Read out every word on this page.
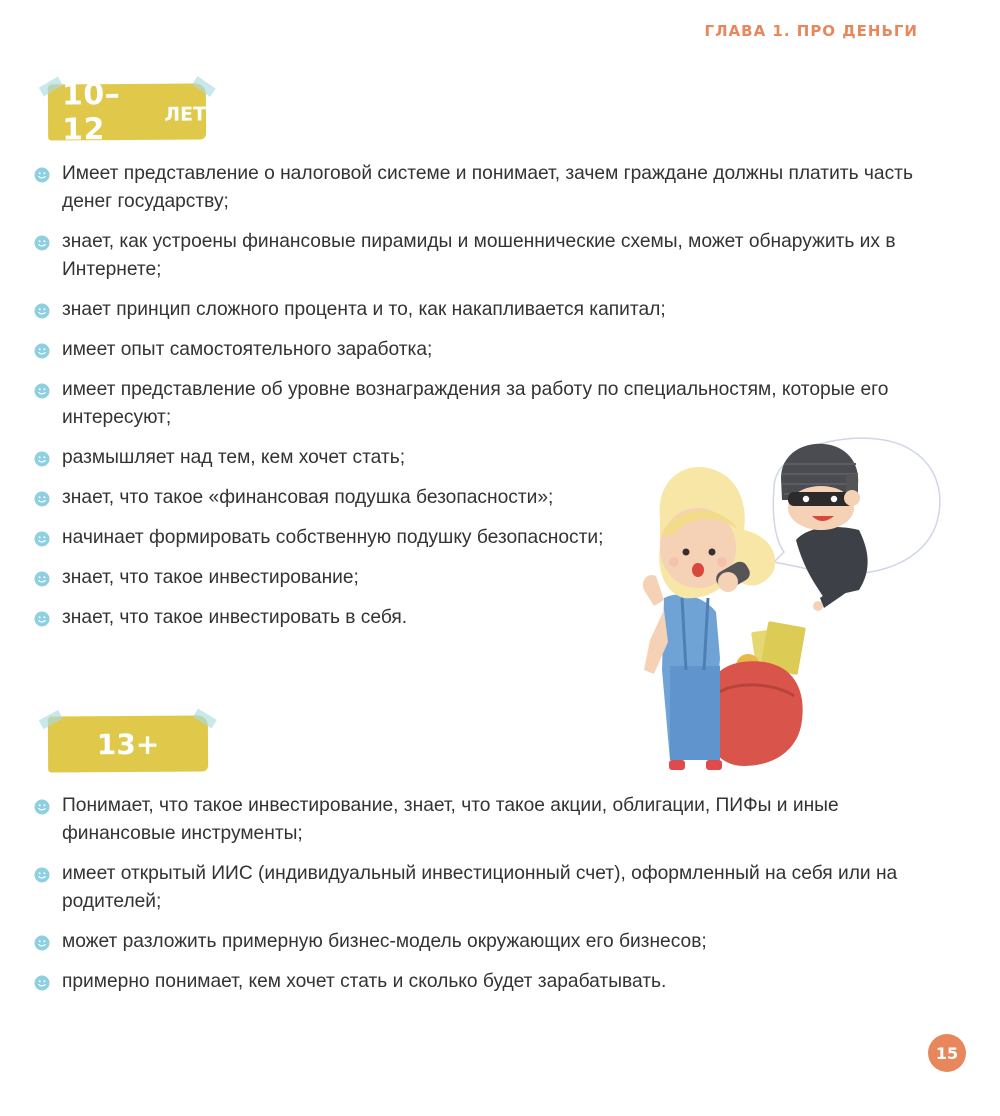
ГЛАВА 1. ПРО ДЕНЬГИ
10–12	ЛЕТ
Имеет представление о налоговой системе и понимает, зачем граждане должны платить часть денег государству;
знает, как устроены финансовые пирамиды и мошеннические схемы, может обнаружить их в Интернете;
знает принцип сложного процента и то, как накапливается капитал;
имеет опыт самостоятельного заработка;
имеет представление об уровне вознаграждения за работу по специальностям, которые его интересуют;
размышляет над тем, кем хочет стать;
знает, что такое «финансовая подушка безопасности»;
начинает формировать собственную подушку безопасности;
знает, что такое инвестирование;
знает, что такое инвестировать в себя.
13+
Понимает, что такое инвестирование, знает, что такое акции, облигации, ПИФы и иные финансовые инструменты;
имеет открытый ИИС (индивидуальный инвестиционный счет), оформленный на себя или на родителей;
может разложить примерную бизнес-модель окружающих его бизнесов;
примерно понимает, кем хочет стать и сколько будет зарабатывать.
15
